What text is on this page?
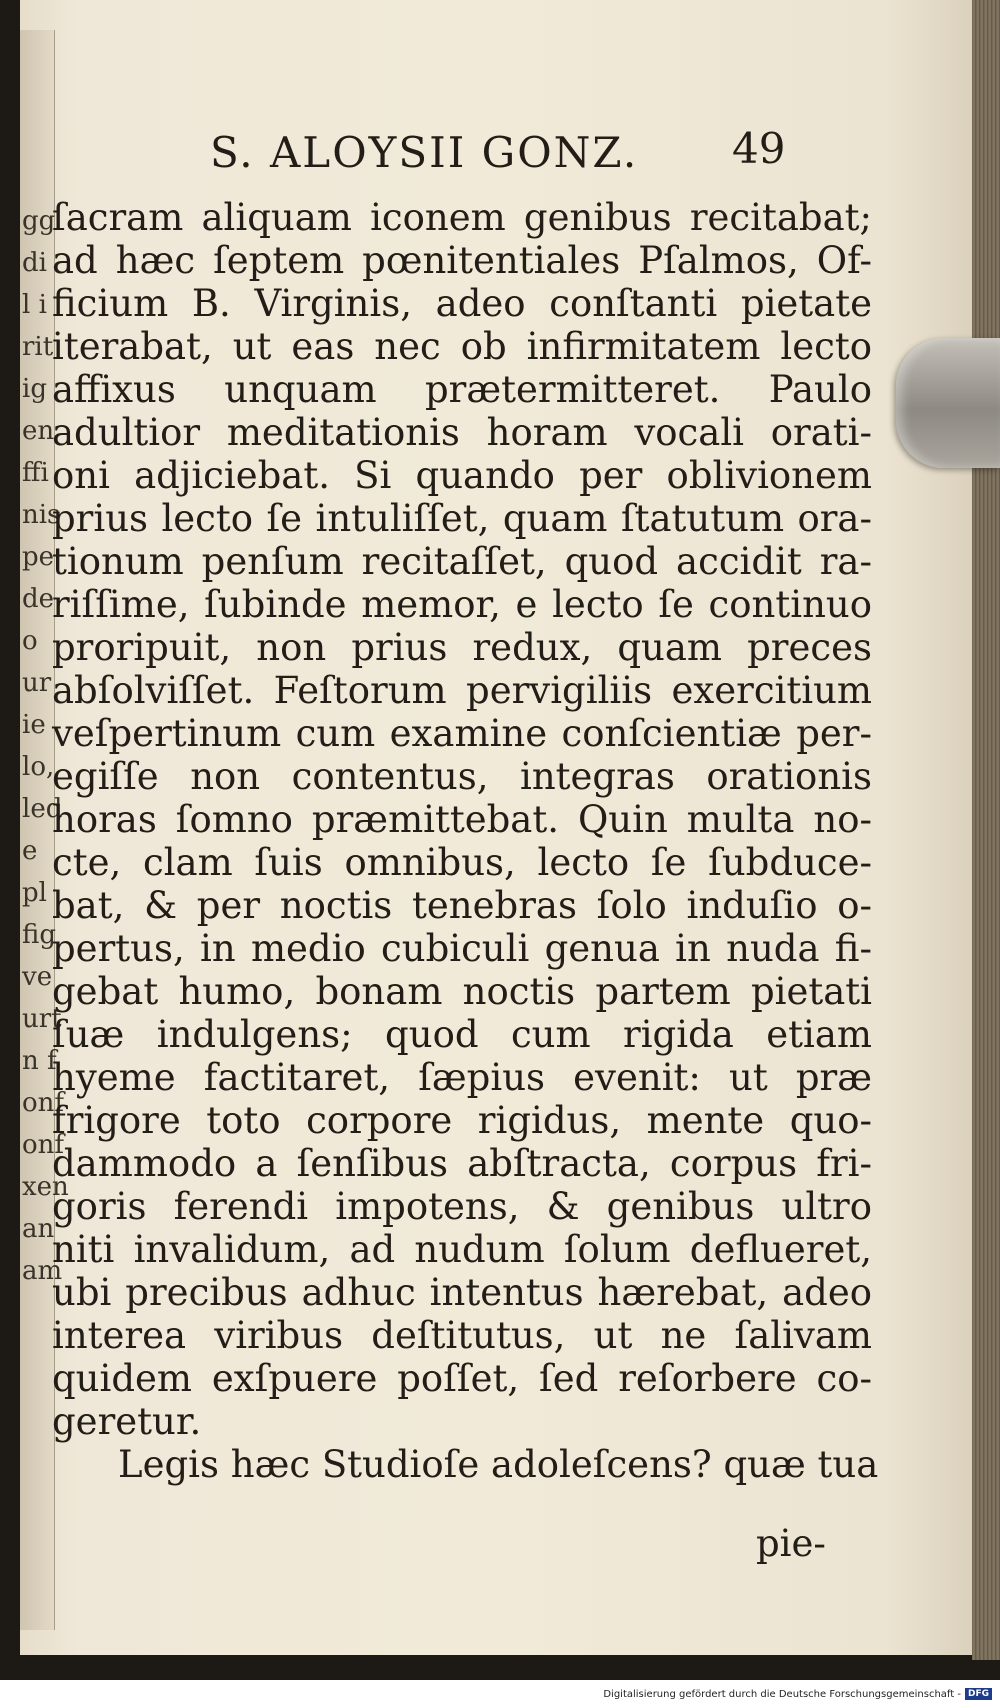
gg
di
l i
rit
ig
en
ffi
nis
pe
de
o
ur
ie
lo,
led
e
pl
fig
ve
urt
n f
onf
onf
xen
an
am
S. ALOYSII GONZ.	49
ſacram aliquam iconem genibus recitabat;
ad hæc ſeptem pœnitentiales Pſalmos, Of-
ficium B. Virginis, adeo conſtanti pietate
iterabat, ut eas nec ob infirmitatem lecto
affixus unquam prætermitteret. Paulo
adultior meditationis horam vocali orati-
oni adjiciebat. Si quando per oblivionem
prius lecto ſe intuliſſet, quam ſtatutum ora-
tionum penſum recitaſſet, quod accidit ra-
riſſime, ſubinde memor, e lecto ſe continuo
proripuit, non prius redux, quam preces
abſolviſſet. Feſtorum pervigiliis exercitium
veſpertinum cum examine conſcientiæ per-
egiſſe non contentus, integras orationis
horas ſomno præmittebat. Quin multa no-
cte, clam ſuis omnibus, lecto ſe ſubduce-
bat, & per noctis tenebras ſolo induſio o-
pertus, in medio cubiculi genua in nuda fi-
gebat humo, bonam noctis partem pietati
ſuæ indulgens; quod cum rigida etiam
hyeme factitaret, ſæpius evenit: ut præ
frigore toto corpore rigidus, mente quo-
dammodo a ſenſibus abſtracta, corpus fri-
goris ferendi impotens, & genibus ultro
niti invalidum, ad nudum ſolum deflueret,
ubi precibus adhuc intentus hærebat, adeo
interea viribus deſtitutus, ut ne ſalivam
quidem exſpuere poſſet, ſed reſorbere co-
geretur.
Legis hæc Studioſe adoleſcens? quæ tua
pie-
Digitalisierung gefördert durch die Deutsche Forschungsgemeinschaft - DFG
